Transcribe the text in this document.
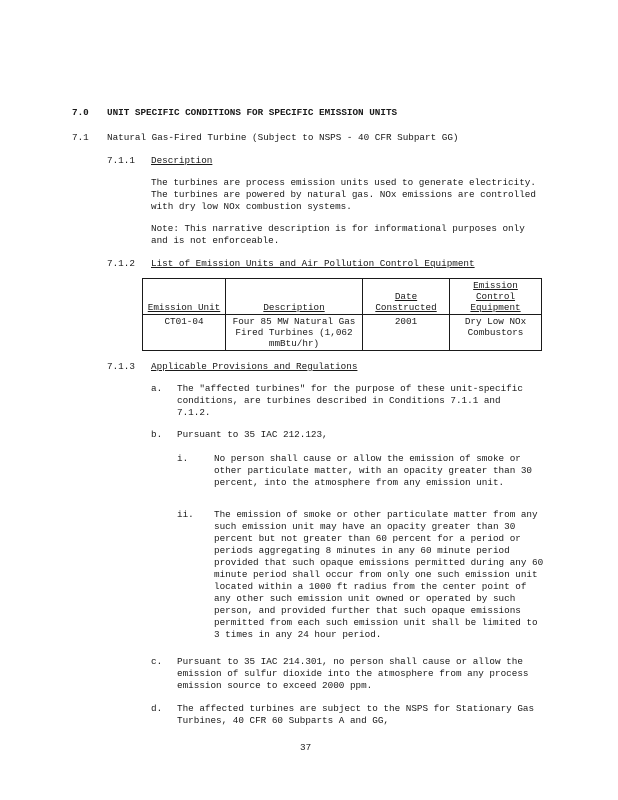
7.0 UNIT SPECIFIC CONDITIONS FOR SPECIFIC EMISSION UNITS
7.1 Natural Gas-Fired Turbine (Subject to NSPS - 40 CFR Subpart GG)
7.1.1 Description
The turbines are process emission units used to generate electricity. The turbines are powered by natural gas. NOx emissions are controlled with dry low NOx combustion systems.
Note: This narrative description is for informational purposes only and is not enforceable.
7.1.2 List of Emission Units and Air Pollution Control Equipment
Emission Unit	Description	Date Constructed	Emission Control Equipment
CT01-04	Four 85 MW Natural Gas Fired Turbines (1,062 mmBtu/hr)	2001	Dry Low NOx Combustors
7.1.3 Applicable Provisions and Regulations
a. The "affected turbines" for the purpose of these unit-specific conditions, are turbines described in Conditions 7.1.1 and 7.1.2.
b. Pursuant to 35 IAC 212.123,
i.	No person shall cause or allow the emission of smoke or other particulate matter, with an opacity greater than 30 percent, into the atmosphere from any emission unit.
ii. The emission of smoke or other particulate matter from any such emission unit may have an opacity greater than 30 percent but not greater than 60 percent for a period or periods aggregating 8 minutes in any 60 minute period provided that such opaque emissions permitted during any 60 minute period shall occur from only one such emission unit located within a 1000 ft radius from the center point of any other such emission unit owned or operated by such person, and provided further that such opaque emissions permitted from each such emission unit shall be limited to 3 times in any 24 hour period.
c. Pursuant to 35 IAC 214.301, no person shall cause or allow the emission of sulfur dioxide into the atmosphere from any process emission source to exceed 2000 ppm.
d. The affected turbines are subject to the NSPS for Stationary Gas Turbines, 40 CFR 60 Subparts A and GG,
37
